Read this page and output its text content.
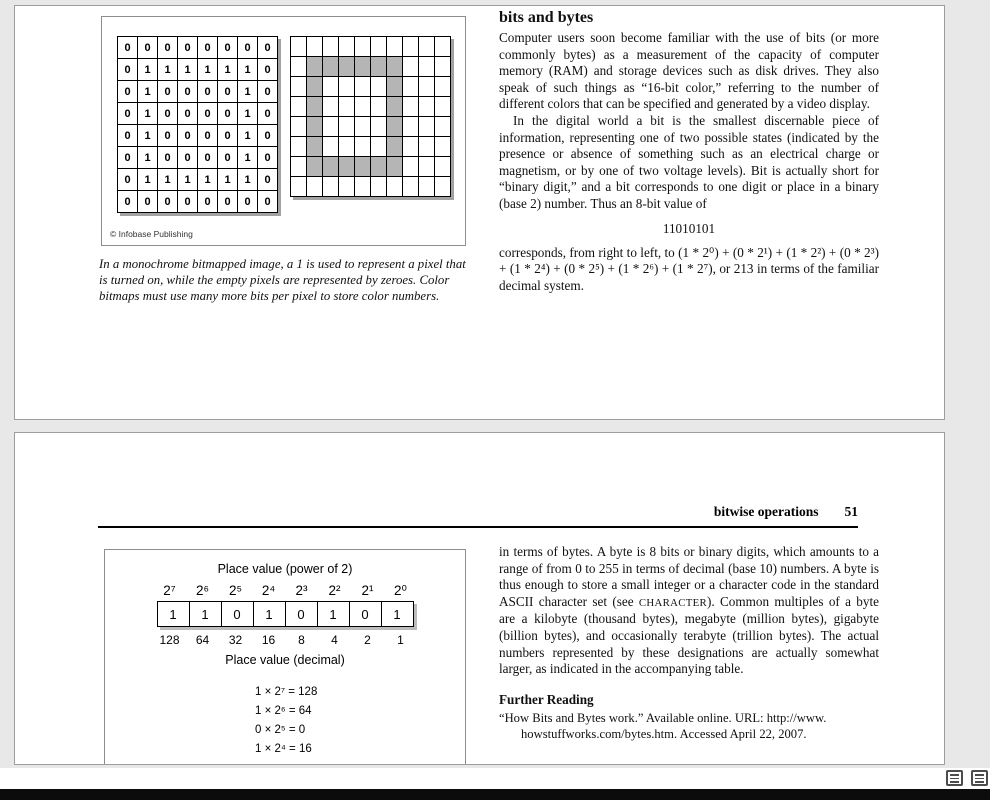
0	0	0	0	0	0	0	0
0	1	1	1	1	1	1	0
0	1	0	0	0	0	1	0
0	1	0	0	0	0	1	0
0	1	0	0	0	0	1	0
0	1	0	0	0	0	1	0
0	1	1	1	1	1	1	0
0	0	0	0	0	0	0	0
© Infobase Publishing
In a monochrome bitmapped image, a 1 is used to represent a pixel that is turned on, while the empty pixels are represented by zeroes. Color bitmaps must use many more bits per pixel to store color numbers.
bits and bytes

Computer users soon become familiar with the use of bits (or more commonly bytes) as a measurement of the capacity of computer memory (RAM) and storage devices such as disk drives. They also speak of such things as “16-bit color,” referring to the number of different colors that can be specified and generated by a video display.

In the digital world a bit is the smallest discernable piece of information, representing one of two possible states (indicated by the presence or absence of something such as an electrical charge or magnetism, or by one of two voltage levels). Bit is actually short for “binary digit,” and a bit corresponds to one digit or place in a binary (base 2) number. Thus an 8-bit value of

11010101

corresponds, from right to left, to (1 * 2⁰) + (0 * 2¹) + (1 * 2²) + (0 * 2³) + (1 * 2⁴) + (0 * 2⁵) + (1 * 2⁶) + (1 * 2⁷), or 213 in terms of the familiar decimal system.

bitwise operations 51
Place value (power of 2)
2⁷	2⁶	2⁵	2⁴	2³	2²	2¹	2⁰
1	1	0	1	0	1	0	1
128	64	32	16	8	4	2	1
Place value (decimal)
1 × 2⁷ = 128
1 × 2⁶ = 64
0 × 2⁵ = 0
1 × 2⁴ = 16

in terms of bytes. A byte is 8 bits or binary digits, which amounts to a range of from 0 to 255 in terms of decimal (base 10) numbers. A byte is thus enough to store a small integer or a character code in the standard ASCII character set (see CHARACTER). Common multiples of a byte are a kilobyte (thousand bytes), megabyte (million bytes), gigabyte (billion bytes), and occasionally terabyte (trillion bytes). The actual numbers represented by these designations are actually somewhat larger, as indicated in the accompanying table.

Further Reading
“How Bits and Bytes work.” Available online. URL: http://www.
howstuffworks.com/bytes.htm. Accessed April 22, 2007.
